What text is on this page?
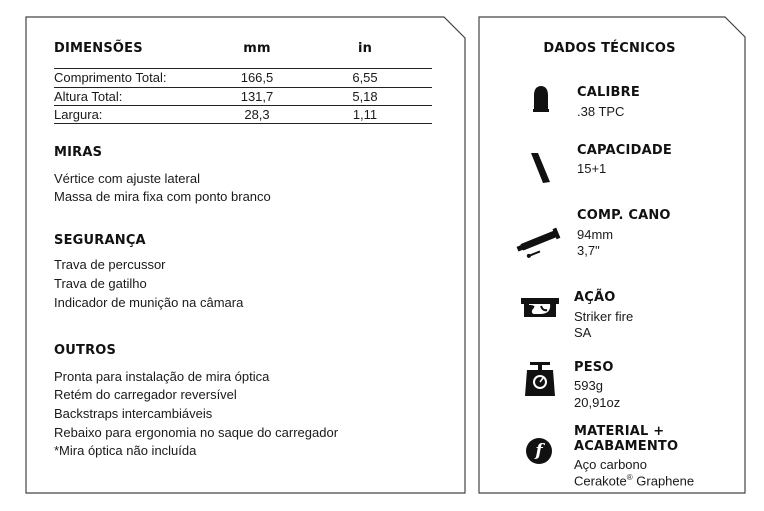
DIMENSÕES	mm	in
Comprimento Total:	166,5	6,55
Altura Total:	131,7	5,18
Largura:	28,3	1,11
MIRAS
Vértice com ajuste lateral
Massa de mira fixa com ponto branco
SEGURANÇA
Trava de percussor
Trava de gatilho
Indicador de munição na câmara
OUTROS
Pronta para instalação de mira óptica
Retém do carregador reversível
Backstraps intercambiáveis
Rebaixo para ergonomia no saque do carregador
*Mira óptica não incluída
DADOS TÉCNICOS
CALIBRE
.38 TPC
CAPACIDADE
15+1
COMP. CANO
94mm
3,7"
AÇÃO
Striker fire
SA
PESO
593g
20,91oz
f
MATERIAL +
ACABAMENTO
Aço carbono
Cerakote® Graphene
